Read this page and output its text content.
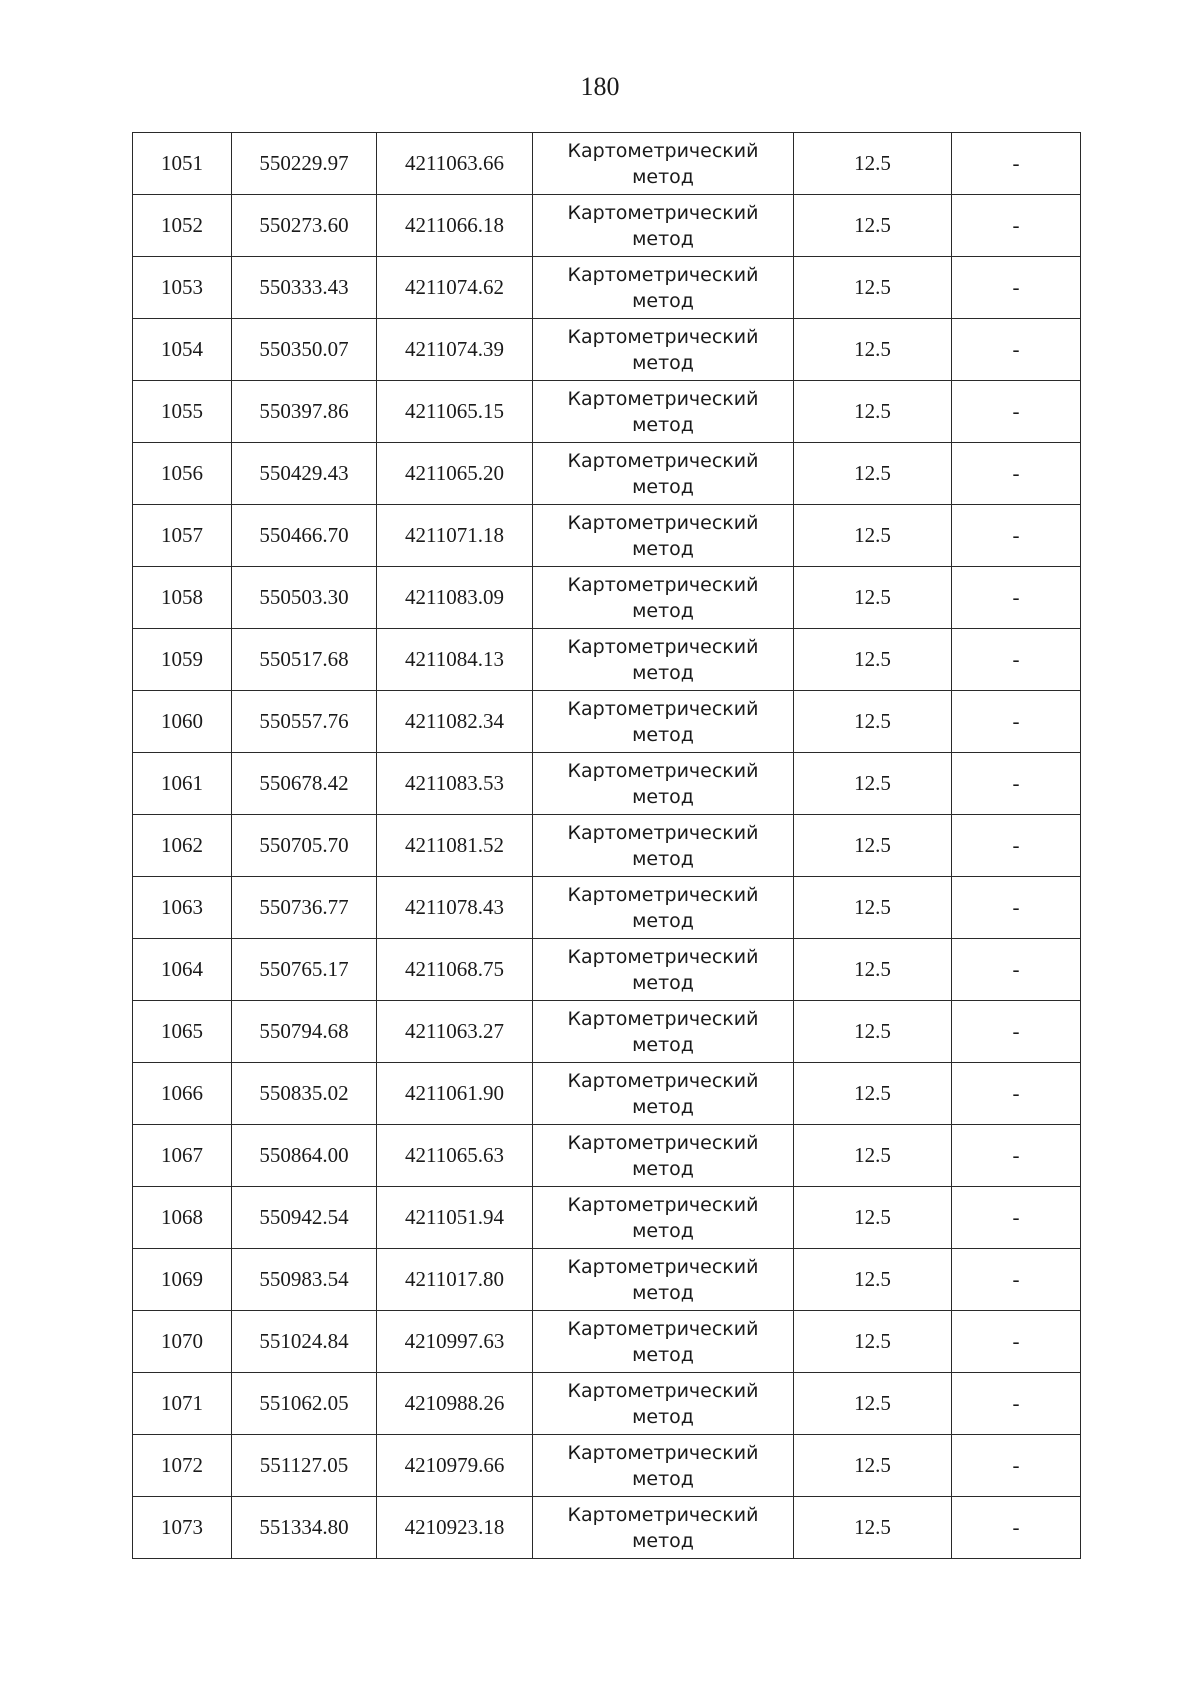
180
1051	550229.97	4211063.66	Картометрический
метод	12.5	-
1052	550273.60	4211066.18	Картометрический
метод	12.5	-
1053	550333.43	4211074.62	Картометрический
метод	12.5	-
1054	550350.07	4211074.39	Картометрический
метод	12.5	-
1055	550397.86	4211065.15	Картометрический
метод	12.5	-
1056	550429.43	4211065.20	Картометрический
метод	12.5	-
1057	550466.70	4211071.18	Картометрический
метод	12.5	-
1058	550503.30	4211083.09	Картометрический
метод	12.5	-
1059	550517.68	4211084.13	Картометрический
метод	12.5	-
1060	550557.76	4211082.34	Картометрический
метод	12.5	-
1061	550678.42	4211083.53	Картометрический
метод	12.5	-
1062	550705.70	4211081.52	Картометрический
метод	12.5	-
1063	550736.77	4211078.43	Картометрический
метод	12.5	-
1064	550765.17	4211068.75	Картометрический
метод	12.5	-
1065	550794.68	4211063.27	Картометрический
метод	12.5	-
1066	550835.02	4211061.90	Картометрический
метод	12.5	-
1067	550864.00	4211065.63	Картометрический
метод	12.5	-
1068	550942.54	4211051.94	Картометрический
метод	12.5	-
1069	550983.54	4211017.80	Картометрический
метод	12.5	-
1070	551024.84	4210997.63	Картометрический
метод	12.5	-
1071	551062.05	4210988.26	Картометрический
метод	12.5	-
1072	551127.05	4210979.66	Картометрический
метод	12.5	-
1073	551334.80	4210923.18	Картометрический
метод	12.5	-
